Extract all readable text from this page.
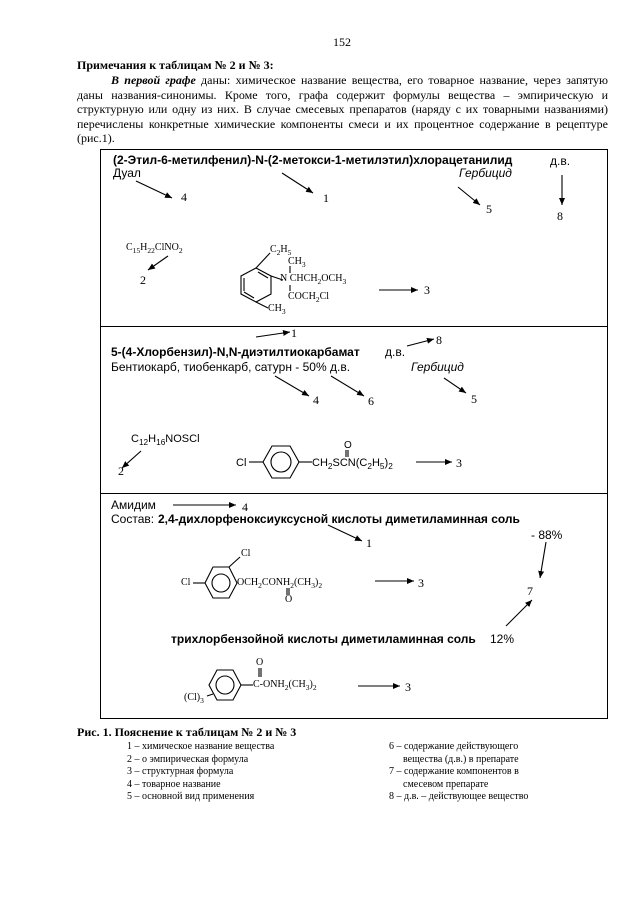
152
Примечания к таблицам № 2 и № 3:
В первой графе даны: химическое название вещества, его товарное название, через запятую даны названия-синонимы. Кроме того, графа содержит формулы вещества – эмпирическую и структурную или одну из них. В случае смесевых препаратов (наряду с их товарными названиями) перечислены конкретные химические компоненты смеси и их процентное содержание в рецептуре (рис.1).
(2-Этил-6-метилфенил)-N-(2-метокси-1-метилэтил)хлорацетанилид	д.в.
Дуал	Гербицид
4	1
5	8
$C_{15}H_{22}ClNO_2$
2
$C_2H_5$
$CH_3$
N $CHCH_2OCH_3$
$COCH_2Cl$
$CH_3$
3
1	8
5-(4-Хлорбензил)-N,N-диэтилтиокарбамат д.в.
Бентиокарб, тиобенкарб, сатурн - 50% д.в.	Гербицид
4	6	5
$C_{12}H_{16}NOSCl$
2
Cl
O
$CH_2SCN(C_2H_5)_2$	3
Амидим	4
Состав: 2,4-дихлорфеноксиуксусной кислоты диметиламинная соль
1
- 88%
Cl
Cl	$OCH_2CONH_2(CH_3)_2$
O
3
7
трихлорбензойной кислоты диметиламинная соль 12%
O
$(Cl)_3$
$C-ONH_2(CH_3)_2$	3
Рис. 1. Пояснение к таблицам № 2 и № 3
1 – химическое название вещества
2 – о эмпирическая формула
3 – структурная формула
4 – товарное название
5 – основной вид применения
6 – содержание действующего
вещества (д.в.) в препарате
7 – содержание компонентов в
смесевом препарате
8 – д.в. – действующее вещество
